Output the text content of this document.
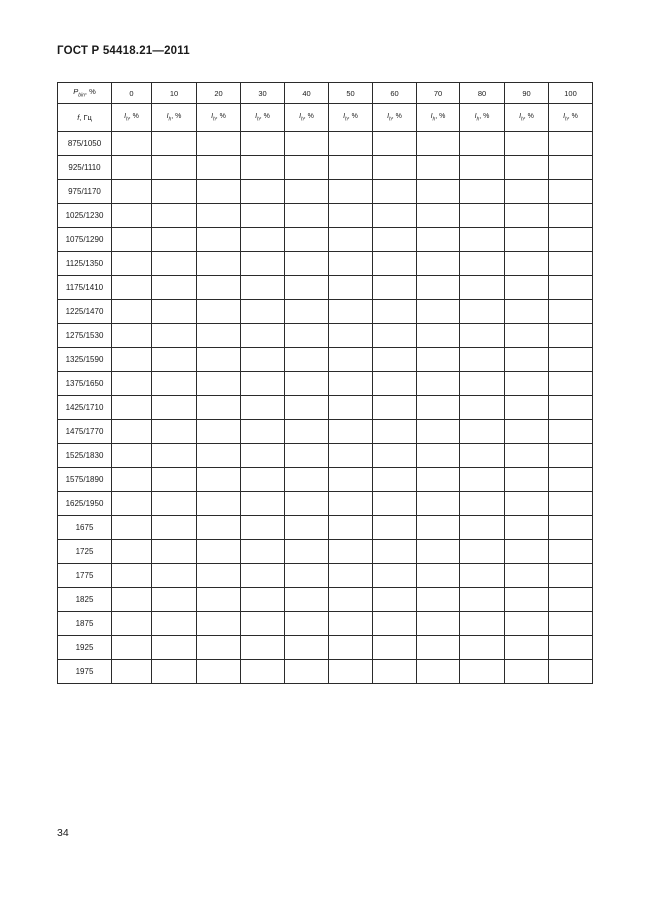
ГОСТ Р 54418.21—2011
$P_{bin}$, %	0	10	20	30	40	50	60	70	80	90	100
f, Гц	$I_h$, %	$I_h$, %	$I_h$, %	$I_h$, %	$I_h$, %	$I_h$, %	$I_h$, %	$I_h$, %	$I_h$, %	$I_h$, %	$I_h$, %
875/1050											
925/1110											
975/1170											
1025/1230											
1075/1290											
1125/1350											
1175/1410											
1225/1470											
1275/1530											
1325/1590											
1375/1650											
1425/1710											
1475/1770											
1525/1830											
1575/1890											
1625/1950											
1675											
1725											
1775											
1825											
1875											
1925											
1975											
34
